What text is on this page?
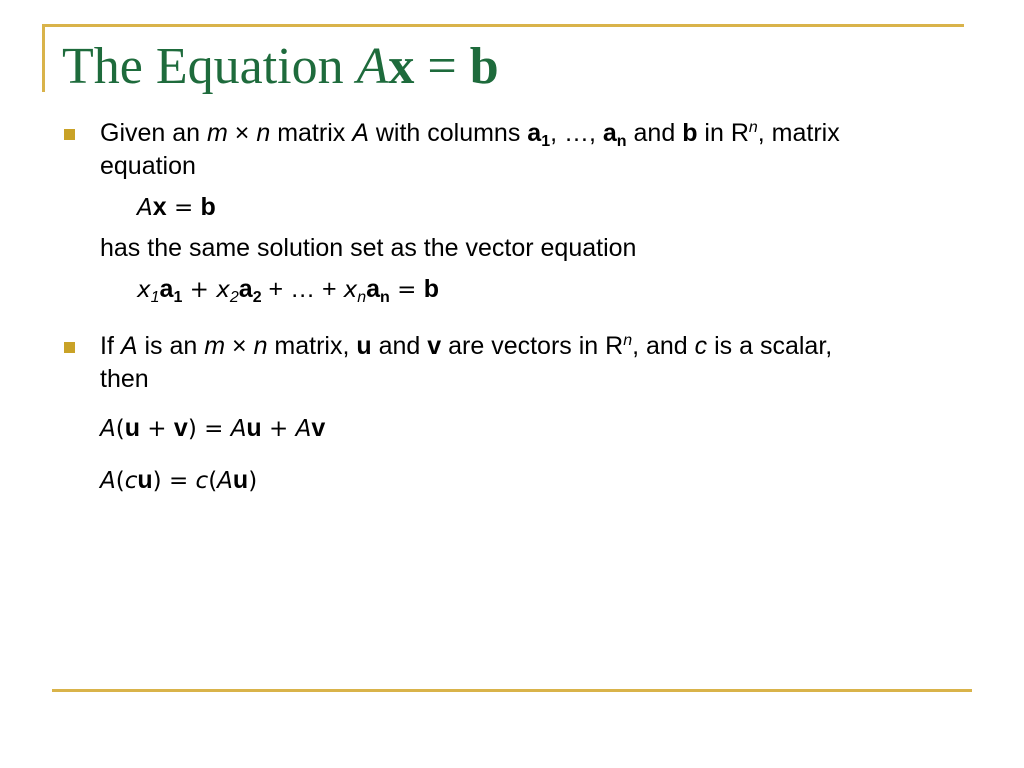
The Equation Ax = b
Given an m × n matrix A with columns $a_1$, …, $a_n$ and b in $R^n$, matrix
equation
Ax = b
has the same solution set as the vector equation
$x_1a_1 + x_2a_2$ + … + $x_na_n = b$
If A is an m × n matrix, u and v are vectors in $R^n$, and c is a scalar,
then
A(u + v) = Au + Av
A(cu) = c(Au)
